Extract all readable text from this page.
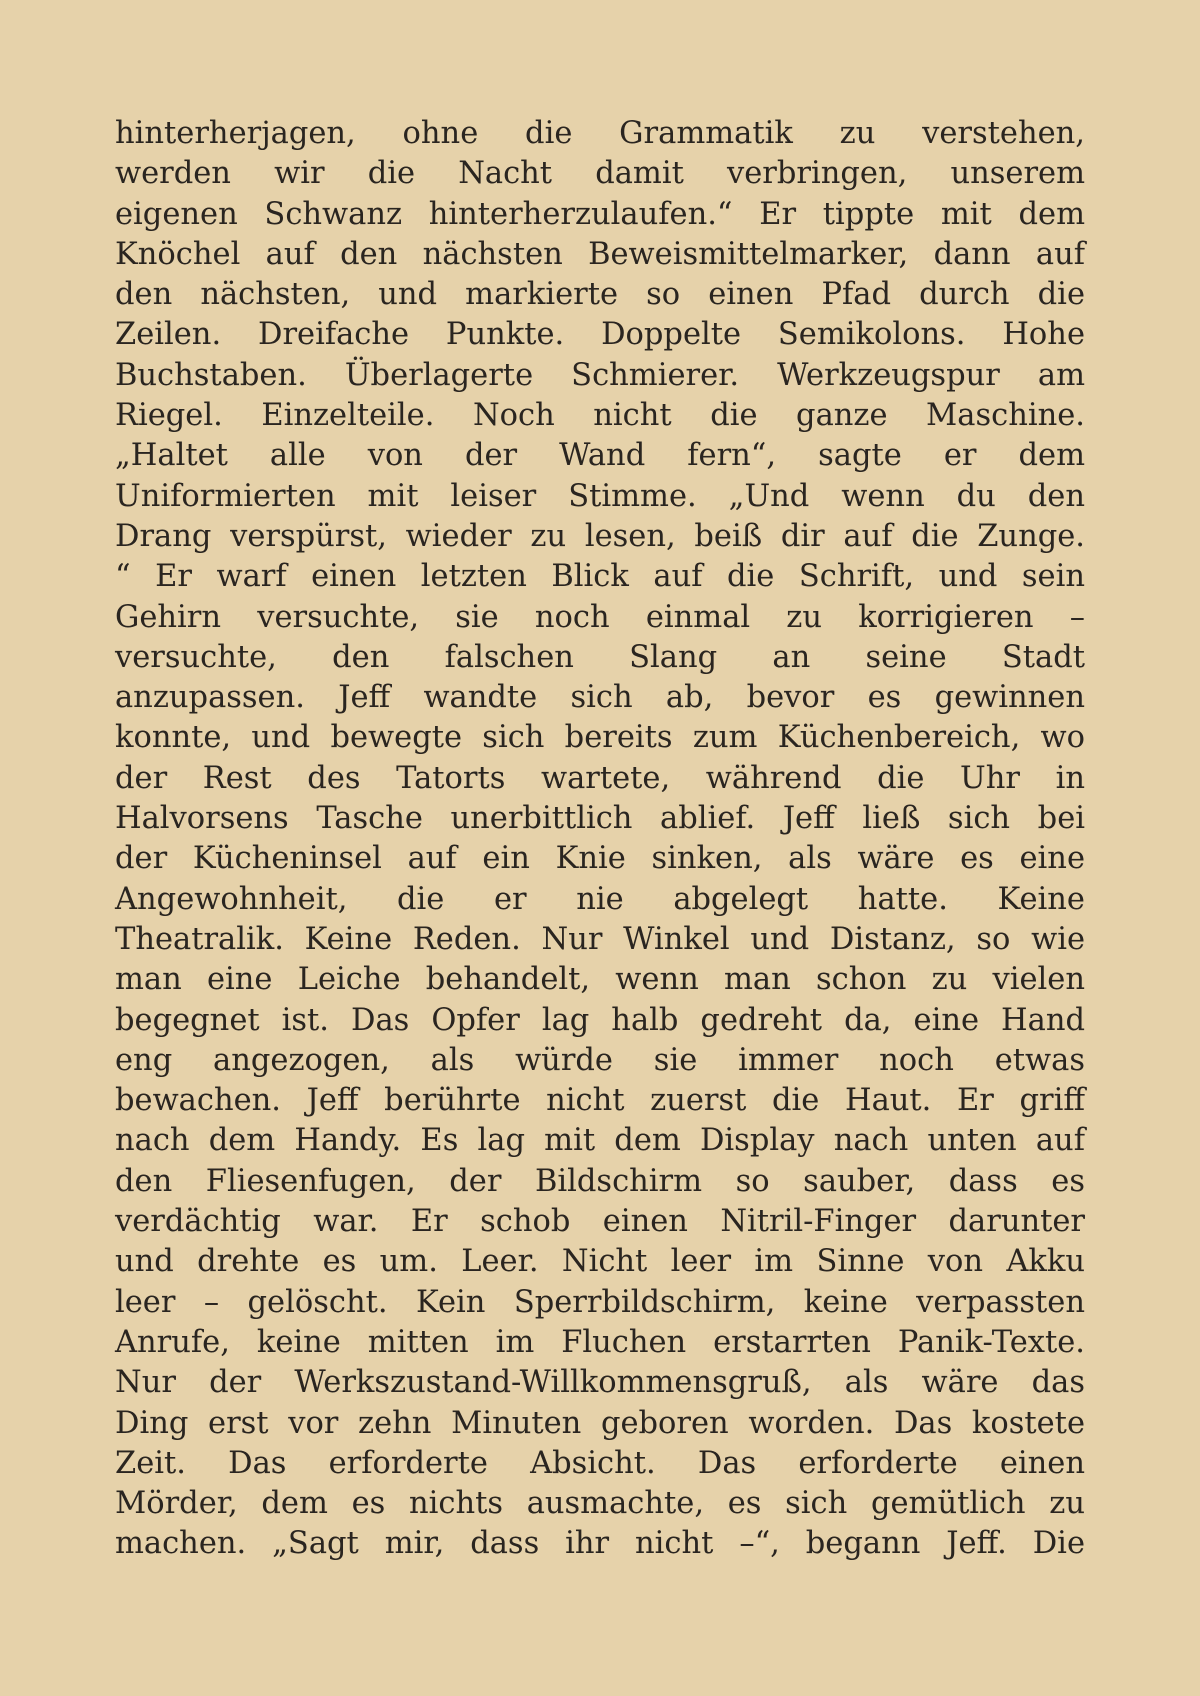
hinterherjagen, ohne die Grammatik zu verstehen,
werden wir die Nacht damit verbringen, unserem
eigenen Schwanz hinterherzulaufen.“ Er tippte mit dem
Knöchel auf den nächsten Beweismittelmarker, dann auf
den nächsten, und markierte so einen Pfad durch die
Zeilen. Dreifache Punkte. Doppelte Semikolons. Hohe
Buchstaben. Überlagerte Schmierer. Werkzeugspur am
Riegel. Einzelteile. Noch nicht die ganze Maschine.
„Haltet alle von der Wand fern“, sagte er dem
Uniformierten mit leiser Stimme. „Und wenn du den
Drang verspürst, wieder zu lesen, beiß dir auf die Zunge.
“ Er warf einen letzten Blick auf die Schrift, und sein
Gehirn versuchte, sie noch einmal zu korrigieren –
versuchte, den falschen Slang an seine Stadt
anzupassen. Jeff wandte sich ab, bevor es gewinnen
konnte, und bewegte sich bereits zum Küchenbereich, wo
der Rest des Tatorts wartete, während die Uhr in
Halvorsens Tasche unerbittlich ablief. Jeff ließ sich bei
der Kücheninsel auf ein Knie sinken, als wäre es eine
Angewohnheit, die er nie abgelegt hatte. Keine
Theatralik. Keine Reden. Nur Winkel und Distanz, so wie
man eine Leiche behandelt, wenn man schon zu vielen
begegnet ist. Das Opfer lag halb gedreht da, eine Hand
eng angezogen, als würde sie immer noch etwas
bewachen. Jeff berührte nicht zuerst die Haut. Er griff
nach dem Handy. Es lag mit dem Display nach unten auf
den Fliesenfugen, der Bildschirm so sauber, dass es
verdächtig war. Er schob einen Nitril-Finger darunter
und drehte es um. Leer. Nicht leer im Sinne von Akku
leer – gelöscht. Kein Sperrbildschirm, keine verpassten
Anrufe, keine mitten im Fluchen erstarrten Panik-Texte.
Nur der Werkszustand-Willkommensgruß, als wäre das
Ding erst vor zehn Minuten geboren worden. Das kostete
Zeit. Das erforderte Absicht. Das erforderte einen
Mörder, dem es nichts ausmachte, es sich gemütlich zu
machen. „Sagt mir, dass ihr nicht –“, begann Jeff. Die
